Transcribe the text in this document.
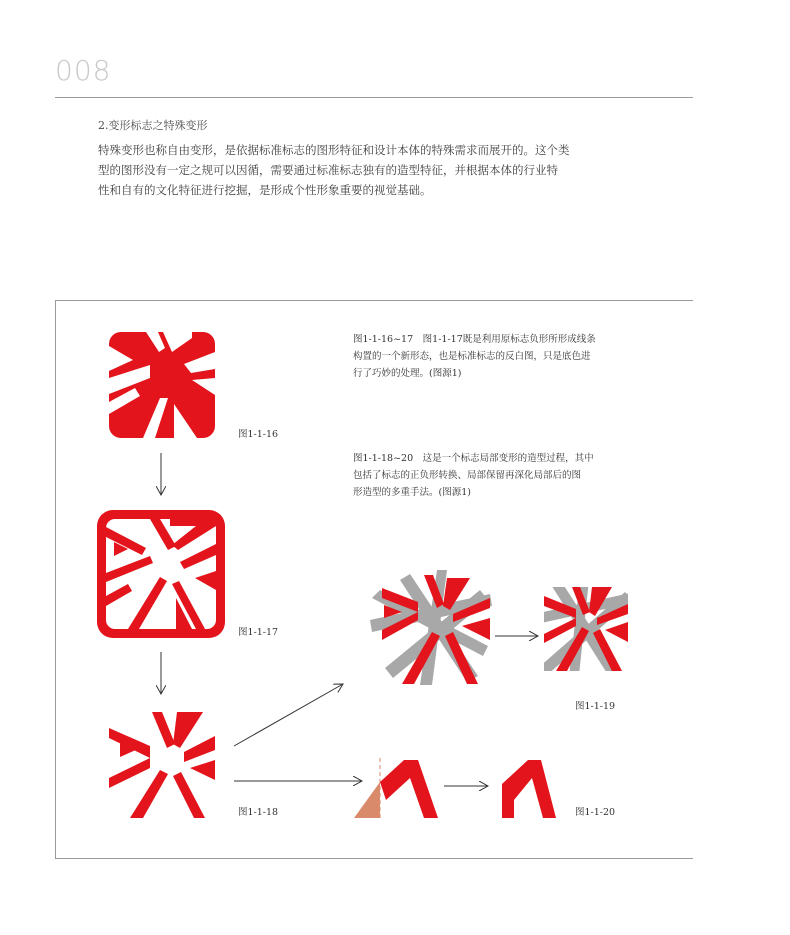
008
2.变形标志之特殊变形
特殊变形也称自由变形，是依据标准标志的图形特征和设计本体的特殊需求而展开的。这个类
型的图形没有一定之规可以因循，需要通过标准标志独有的造型特征，并根据本体的行业特
性和自有的文化特征进行挖掘，是形成个性形象重要的视觉基础。
图1-1-16~17　图1-1-17既是利用原标志负形所形成线条
构置的一个新形态，也是标准标志的反白图，只是底色进
行了巧妙的处理。(图源1)
图1-1-18~20　这是一个标志局部变形的造型过程，其中
包括了标志的正负形转换、局部保留再深化局部后的图
形造型的多重手法。(图源1)
图1-1-16
图1-1-17
图1-1-18
图1-1-19
图1-1-20
